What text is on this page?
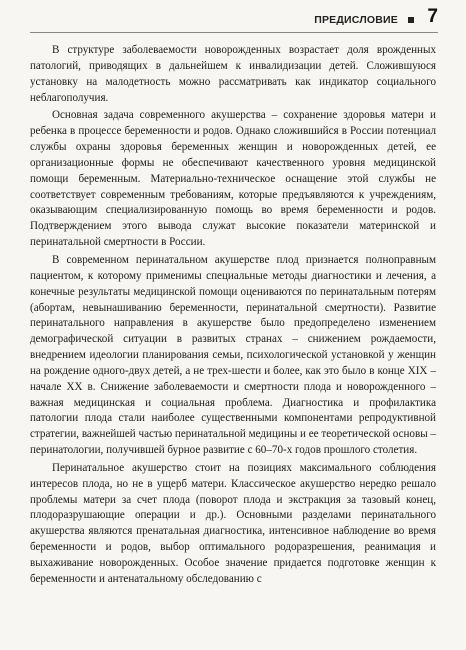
ПРЕДИСЛОВИЕ 7

В структуре заболеваемости новорожденных возрастает доля врожденных патологий, приводящих в дальнейшем к инвалидизации детей. Сложившуюся установку на малодетность можно рассматривать как индикатор социального неблагополучия.

Основная задача современного акушерства – сохранение здоровья матери и ребенка в процессе беременности и родов. Однако сложившийся в России потенциал службы охраны здоровья беременных женщин и новорожденных детей, ее организационные формы не обеспечивают качественного уровня медицинской помощи беременным. Материально-техническое оснащение этой службы не соответствует современным требованиям, которые предъявляются к учреждениям, оказывающим специализированную помощь во время беременности и родов. Подтверждением этого вывода служат высокие показатели материнской и перинатальной смертности в России.

В современном перинатальном акушерстве плод признается полноправным пациентом, к которому применимы специальные методы диагностики и лечения, а конечные результаты медицинской помощи оцениваются по перинатальным потерям (абортам, невынашиванию беременности, перинатальной смертности). Развитие перинатального направления в акушерстве было предопределено изменением демографической ситуации в развитых странах – снижением рождаемости, внедрением идеологии планирования семьи, психологической установкой у женщин на рождение одного-двух детей, а не трех-шести и более, как это было в конце XIX – начале XX в. Снижение заболеваемости и смертности плода и новорожденного – важная медицинская и социальная проблема. Диагностика и профилактика патологии плода стали наиболее существенными компонентами репродуктивной стратегии, важнейшей частью перинатальной медицины и ее теоретической основы – перинатологии, получившей бурное развитие с 60–70-х годов прошлого столетия.

Перинатальное акушерство стоит на позициях максимального соблюдения интересов плода, но не в ущерб матери. Классическое акушерство нередко решало проблемы матери за счет плода (поворот плода и экстракция за тазовый конец, плодоразрушающие операции и др.). Основными разделами перинатального акушерства являются пренатальная диагностика, интенсивное наблюдение во время беременности и родов, выбор оптимального родоразрешения, реанимация и выхаживание новорожденных. Особое значение придается подготовке женщин к беременности и антенатальному обследованию с
